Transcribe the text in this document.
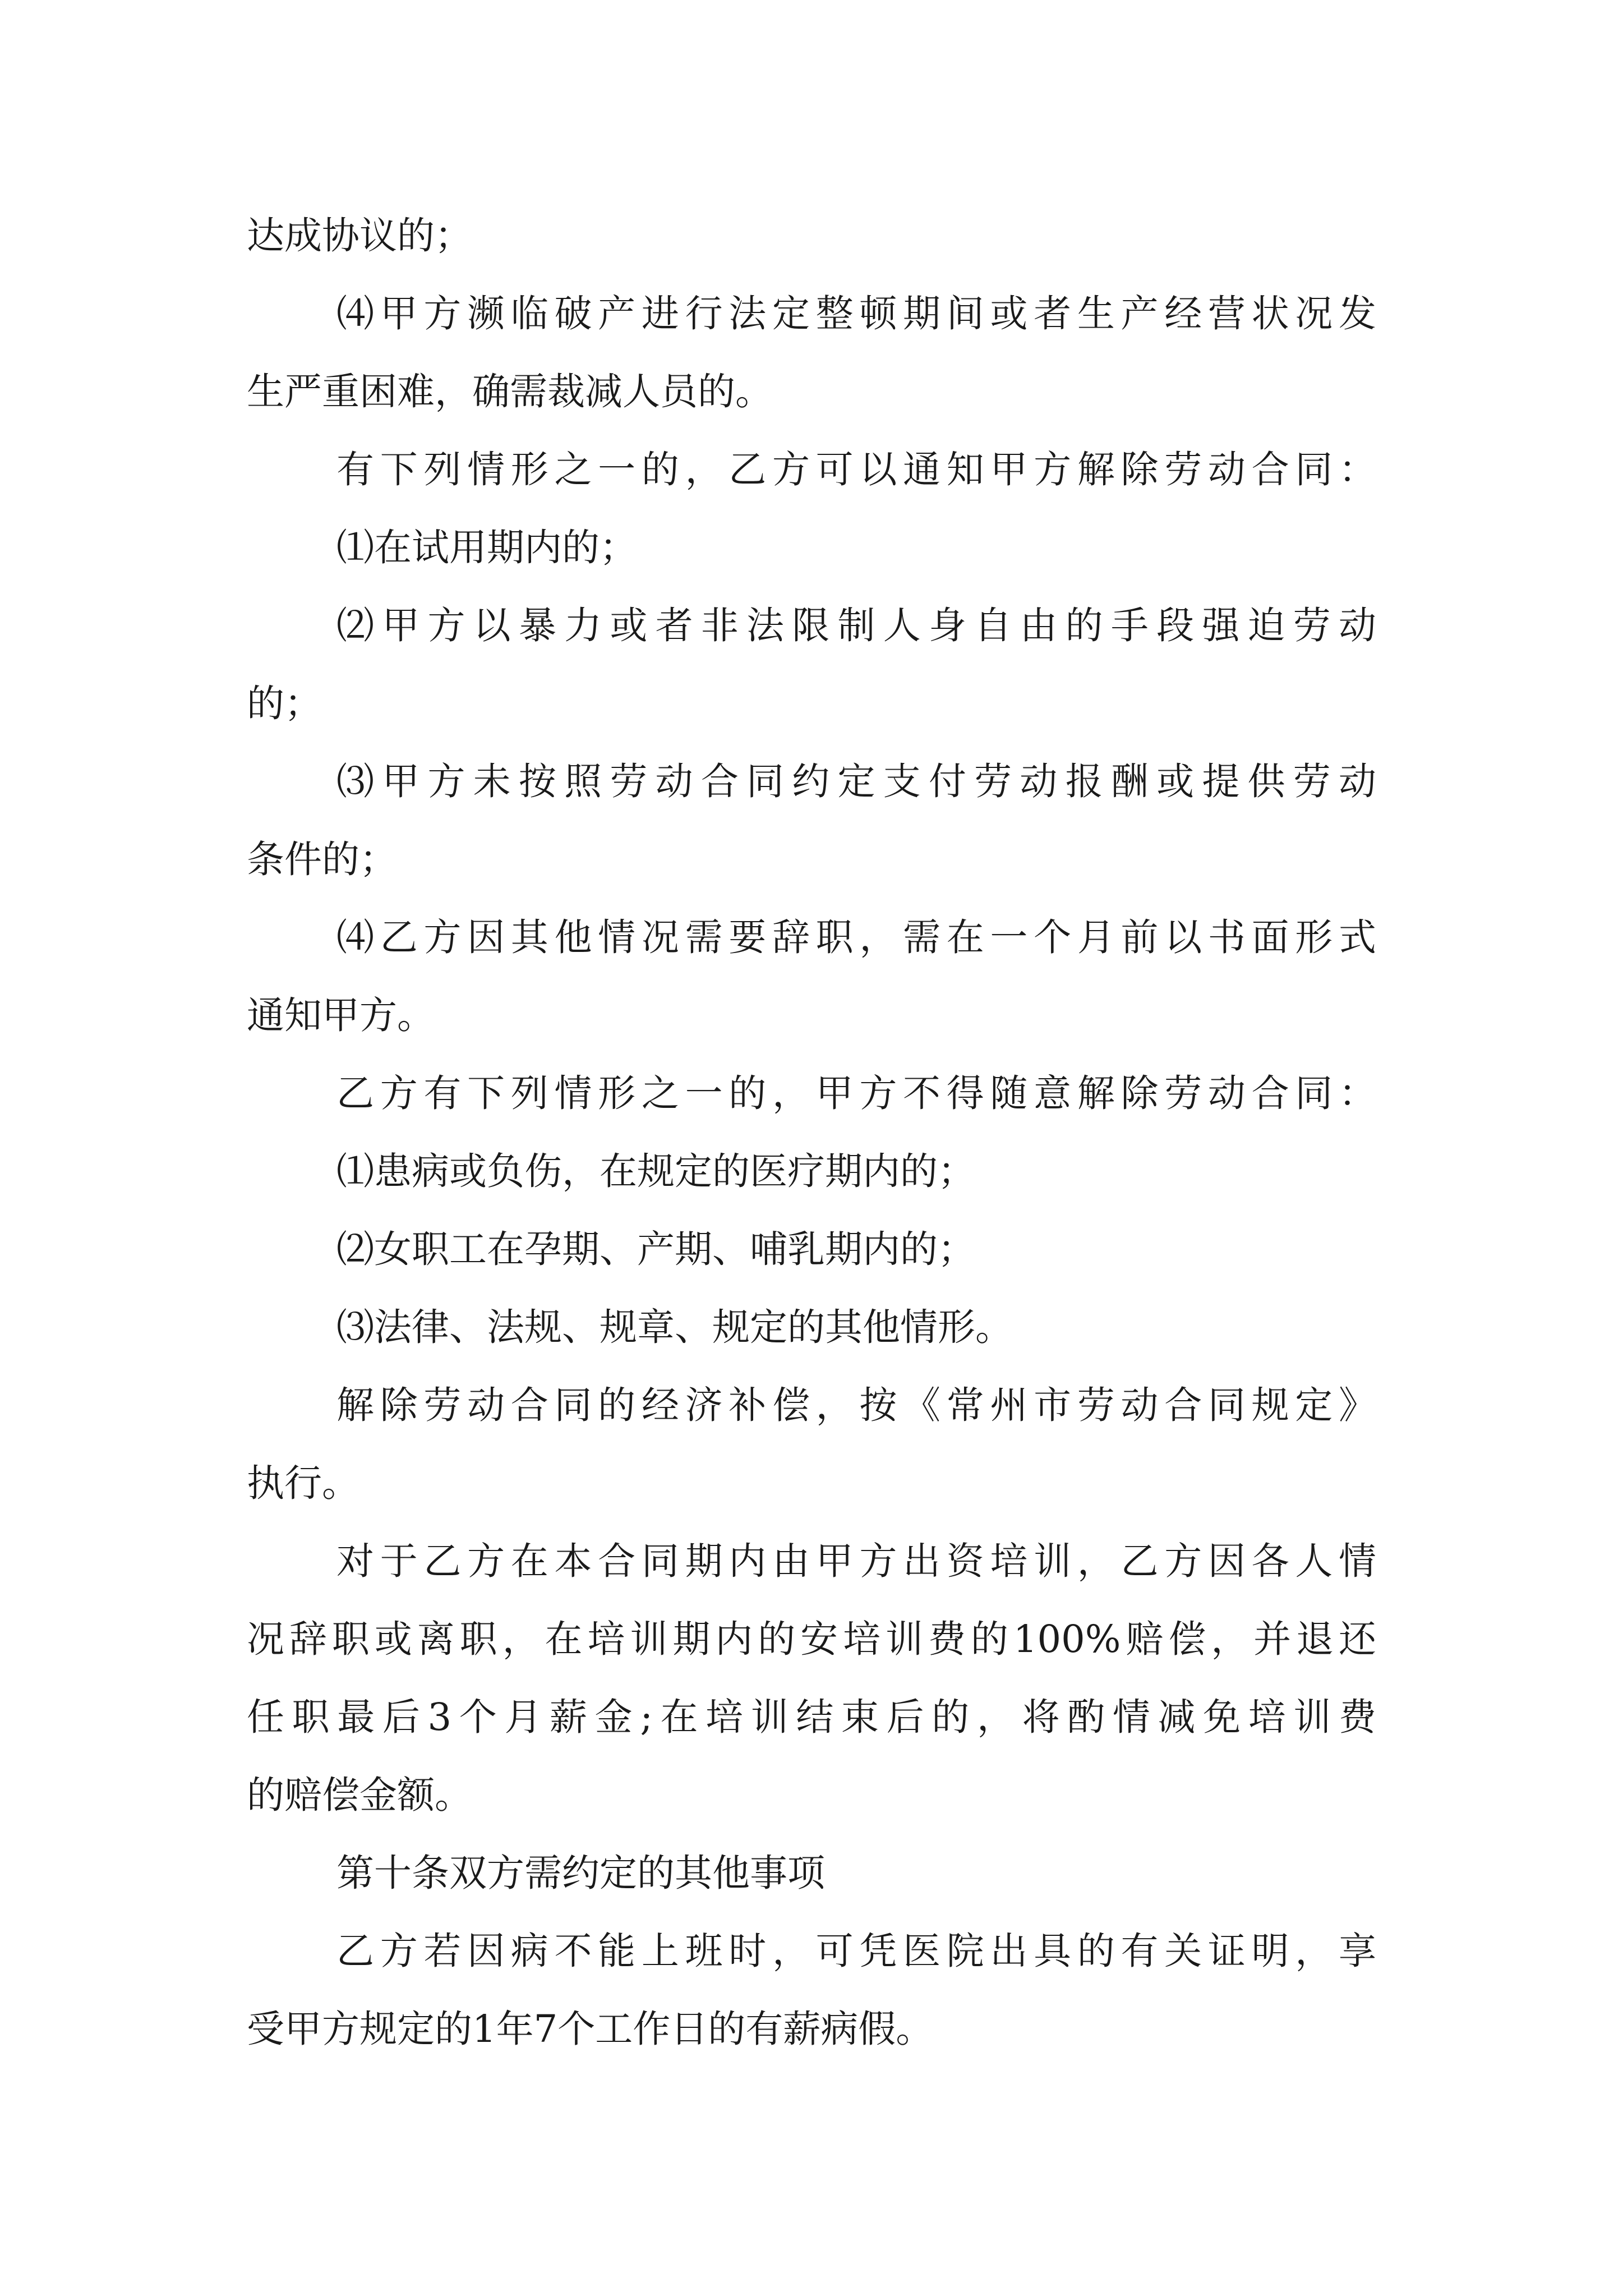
达成协议的；

⑷甲方濒临破产进行法定整顿期间或者生产经营状况发

生严重困难，确需裁减人员的。

有下列情形之一的，乙方可以通知甲方解除劳动合同：

⑴在试用期内的；

⑵甲方以暴力或者非法限制人身自由的手段强迫劳动

的；

⑶甲方未按照劳动合同约定支付劳动报酬或提供劳动

条件的；

⑷乙方因其他情况需要辞职，需在一个月前以书面形式

通知甲方。

乙方有下列情形之一的，甲方不得随意解除劳动合同：

⑴患病或负伤，在规定的医疗期内的；

⑵女职工在孕期、产期、哺乳期内的；

⑶法律、法规、规章、规定的其他情形。

解除劳动合同的经济补偿，按《常州市劳动合同规定》

执行。

对于乙方在本合同期内由甲方出资培训，乙方因各人情

况辞职或离职，在培训期内的安培训费的100%赔偿，并退还

任职最后3个月薪金;在培训结束后的，将酌情减免培训费

的赔偿金额。

第十条双方需约定的其他事项

乙方若因病不能上班时，可凭医院出具的有关证明，享

受甲方规定的1年7个工作日的有薪病假。
